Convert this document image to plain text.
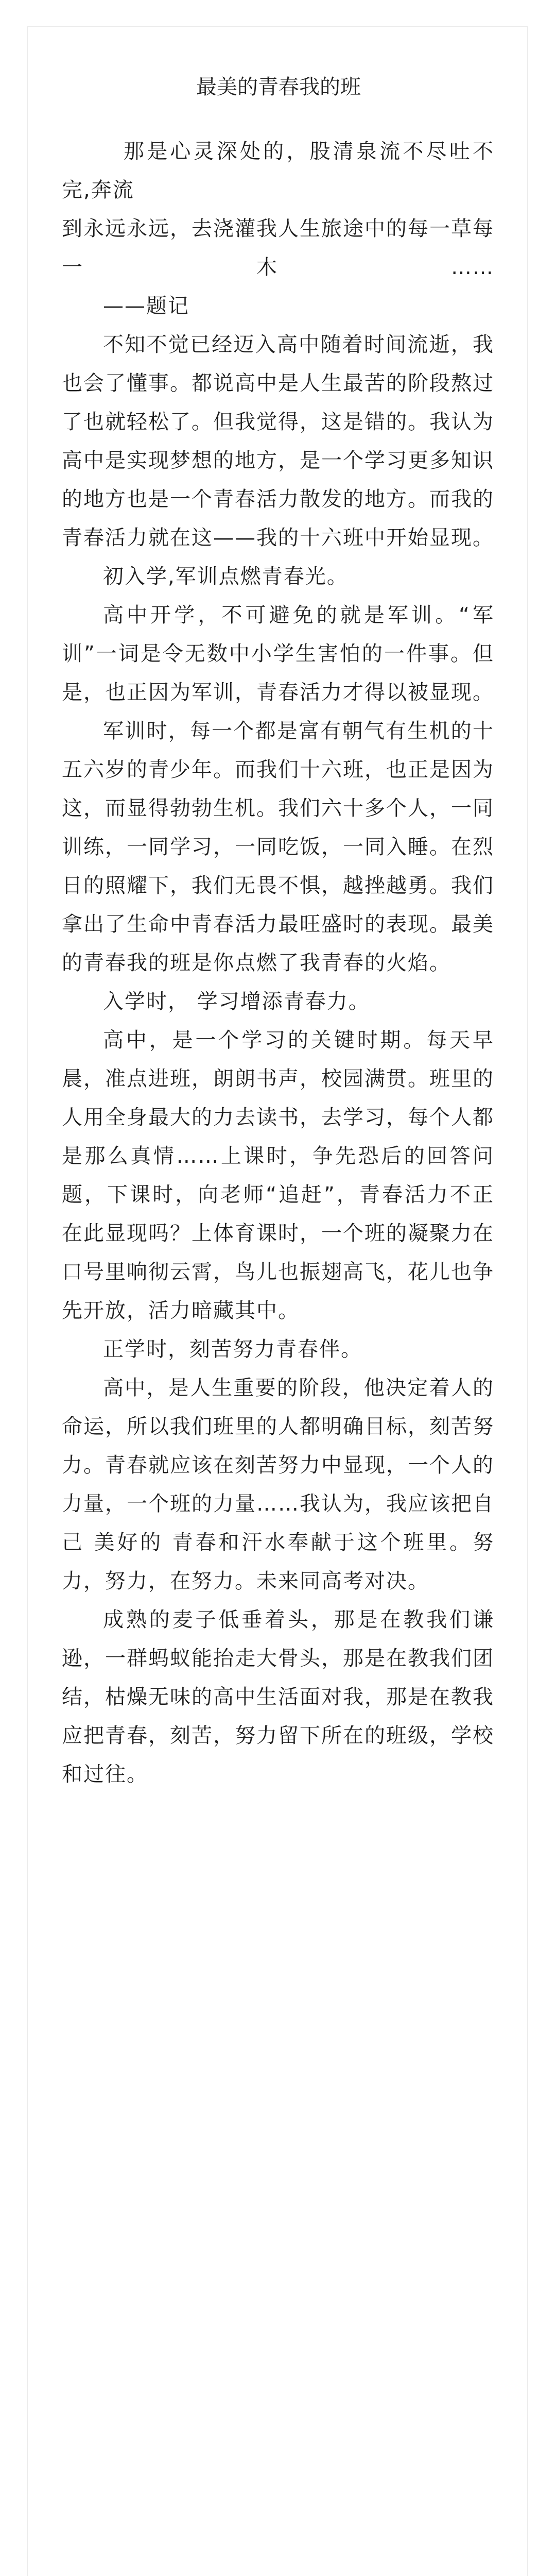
最美的青春我的班

那是心灵深处的，股清泉流不尽吐不完,奔流

到永远永远，去浇灌我人生旅途中的每一草每一木……

——题记

不知不觉已经迈入高中随着时间流逝，我也会了懂事。都说高中是人生最苦的阶段熬过了也就轻松了。但我觉得，这是错的。我认为高中是实现梦想的地方，是一个学习更多知识的地方也是一个青春活力散发的地方。而我的青春活力就在这——我的十六班中开始显现。

初入学,军训点燃青春光。

高中开学，不可避免的就是军训。“军训”一词是令无数中小学生害怕的一件事。但是，也正因为军训，青春活力才得以被显现。

军训时，每一个都是富有朝气有生机的十五六岁的青少年。而我们十六班，也正是因为这，而显得勃勃生机。我们六十多个人，一同训练，一同学习，一同吃饭，一同入睡。在烈日的照耀下，我们无畏不惧，越挫越勇。我们拿出了生命中青春活力最旺盛时的表现。最美的青春我的班是你点燃了我青春的火焰。

入学时， 学习增添青春力。

高中，是一个学习的关键时期。每天早晨，准点进班，朗朗书声，校园满贯。班里的人用全身最大的力去读书，去学习，每个人都是那么真情……上课时，争先恐后的回答问题，下课时，向老师“追赶”，青春活力不正在此显现吗？上体育课时，一个班的凝聚力在口号里响彻云霄，鸟儿也振翅高飞，花儿也争先开放，活力暗藏其中。

正学时，刻苦努力青春伴。

高中，是人生重要的阶段，他决定着人的命运，所以我们班里的人都明确目标，刻苦努力。青春就应该在刻苦努力中显现，一个人的力量，一个班的力量……我认为，我应该把自己 美好的 青春和汗水奉献于这个班里。努力，努力，在努力。未来同高考对决。

成熟的麦子低垂着头，那是在教我们谦逊，一群蚂蚁能抬走大骨头，那是在教我们团结，枯燥无味的高中生活面对我，那是在教我应把青春，刻苦，努力留下所在的班级，学校和过往。
